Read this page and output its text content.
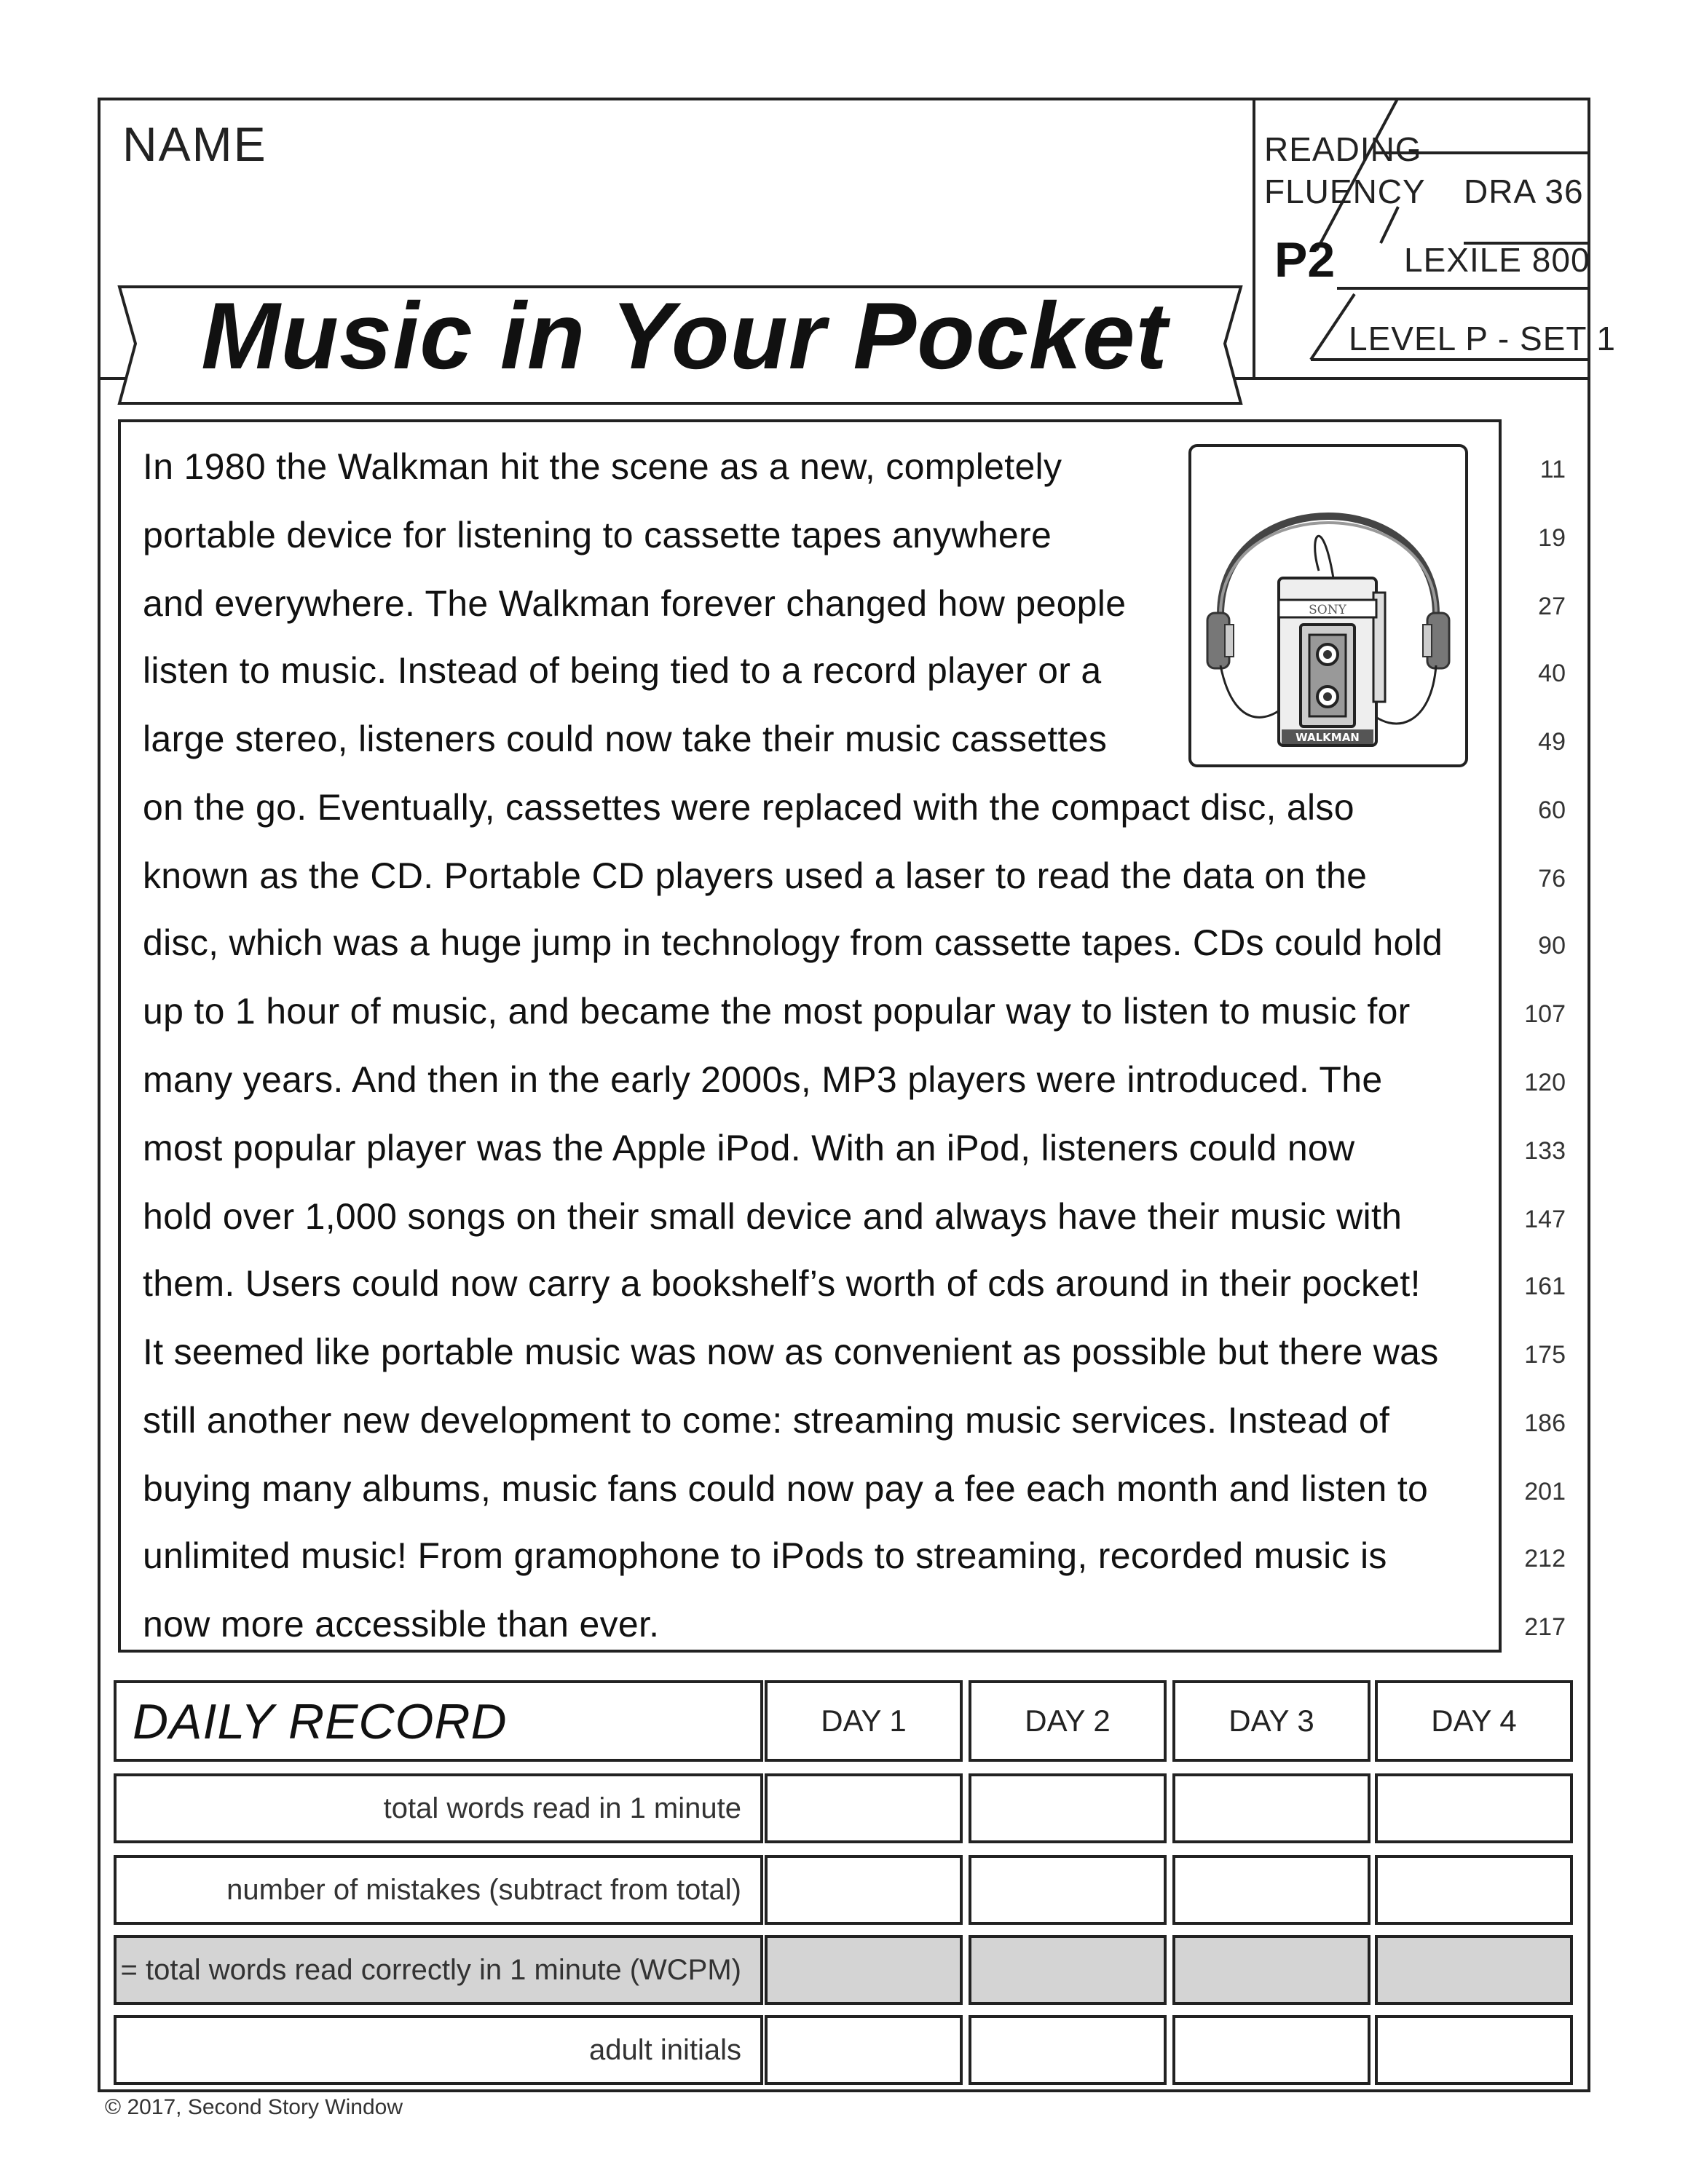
NAME	READING
FLUENCY DRA 36
P2 LEXILE 800
LEVEL P - SET 1
Music in Your Pocket
SONY
WALKMAN
In 1980 the Walkman hit the scene as a new, completely	11
portable device for listening to cassette tapes anywhere	19
and everywhere. The Walkman forever changed how people	27
listen to music. Instead of being tied to a record player or a	40
large stereo, listeners could now take their music cassettes	49
on the go. Eventually, cassettes were replaced with the compact disc, also	60
known as the CD. Portable CD players used a laser to read the data on the	76
disc, which was a huge jump in technology from cassette tapes. CDs could hold	90
up to 1 hour of music, and became the most popular way to listen to music for	107
many years. And then in the early 2000s, MP3 players were introduced. The	120
most popular player was the Apple iPod. With an iPod, listeners could now	133
hold over 1,000 songs on their small device and always have their music with	147
them. Users could now carry a bookshelf’s worth of cds around in their pocket!	161
It seemed like portable music was now as convenient as possible but there was	175
still another new development to come: streaming music services. Instead of	186
buying many albums, music fans could now pay a fee each month and listen to	201
unlimited music! From gramophone to iPods to streaming, recorded music is	212
now more accessible than ever.	217
DAILY RECORD	DAY 1	DAY 2	DAY 3	DAY 4
total words read in 1 minute
number of mistakes (subtract from total)
= total words read correctly in 1 minute (WCPM)
adult initials
© 2017, Second Story Window
